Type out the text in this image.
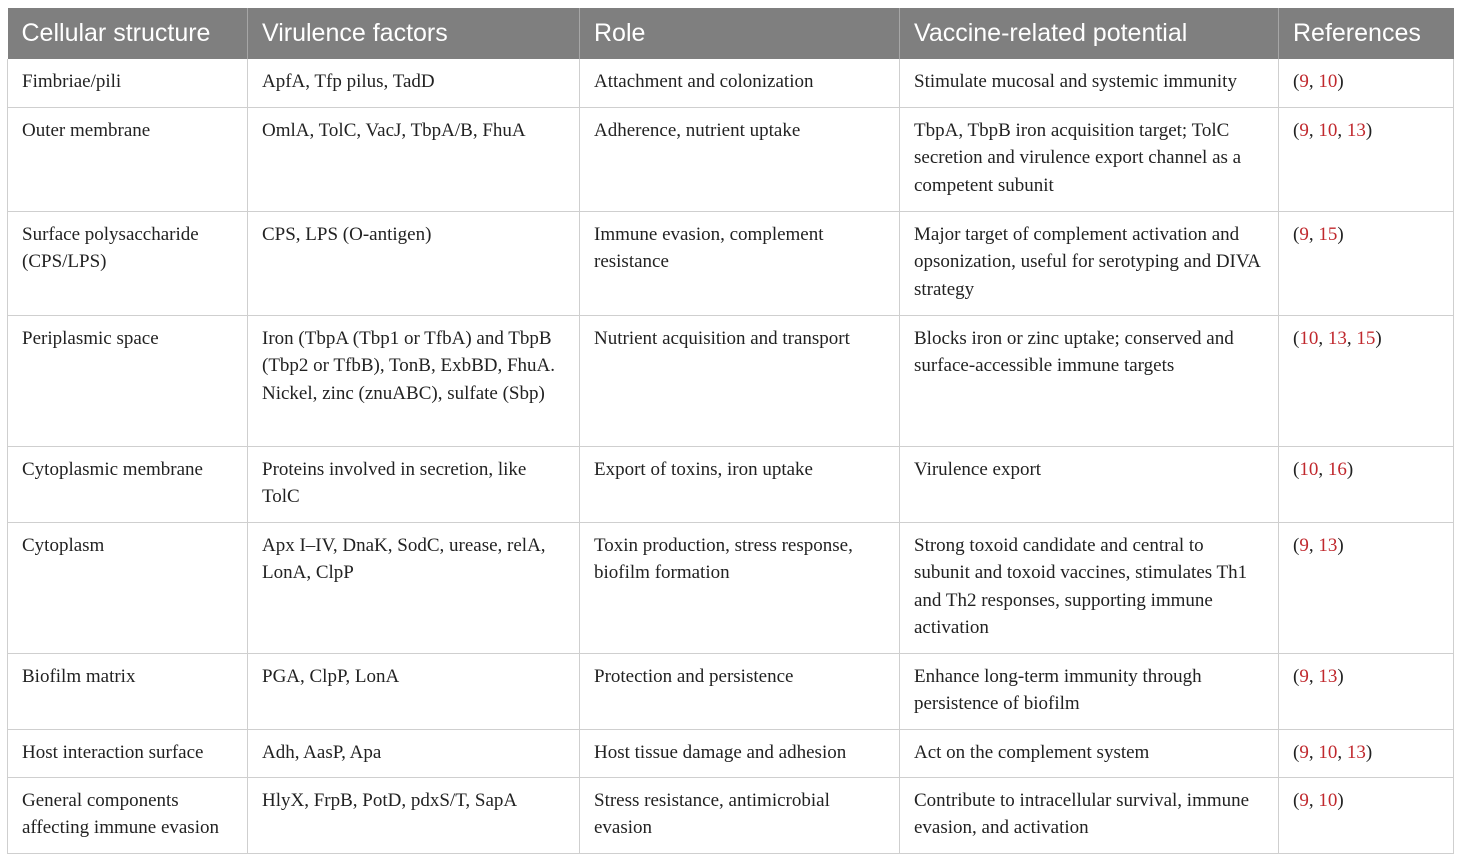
Cellular structure	Virulence factors	Role	Vaccine-related potential	References
Fimbriae/pili	ApfA, Tfp pilus, TadD	Attachment and colonization	Stimulate mucosal and systemic immunity	(9, 10)
Outer membrane	OmlA, TolC, VacJ, TbpA/B, FhuA	Adherence, nutrient uptake	TbpA, TbpB iron acquisition target; TolC secretion and virulence export channel as a competent subunit	(9, 10, 13)
Surface polysaccharide (CPS/LPS)	CPS, LPS (O-antigen)	Immune evasion, complement resistance	Major target of complement activation and opsonization, useful for serotyping and DIVA strategy	(9, 15)
Periplasmic space	Iron (TbpA (Tbp1 or TfbA) and TbpB (Tbp2 or TfbB), TonB, ExbBD, FhuA. Nickel, zinc (znuABC), sulfate (Sbp)	Nutrient acquisition and transport	Blocks iron or zinc uptake; conserved and surface-accessible immune targets	(10, 13, 15)
Cytoplasmic membrane	Proteins involved in secretion, like TolC	Export of toxins, iron uptake	Virulence export	(10, 16)
Cytoplasm	Apx I–IV, DnaK, SodC, urease, relA, LonA, ClpP	Toxin production, stress response, biofilm formation	Strong toxoid candidate and central to subunit and toxoid vaccines, stimulates Th1 and Th2 responses, supporting immune activation	(9, 13)
Biofilm matrix	PGA, ClpP, LonA	Protection and persistence	Enhance long-term immunity through persistence of biofilm	(9, 13)
Host interaction surface	Adh, AasP, Apa	Host tissue damage and adhesion	Act on the complement system	(9, 10, 13)
General components affecting immune evasion	HlyX, FrpB, PotD, pdxS/T, SapA	Stress resistance, antimicrobial evasion	Contribute to intracellular survival, immune evasion, and activation	(9, 10)
